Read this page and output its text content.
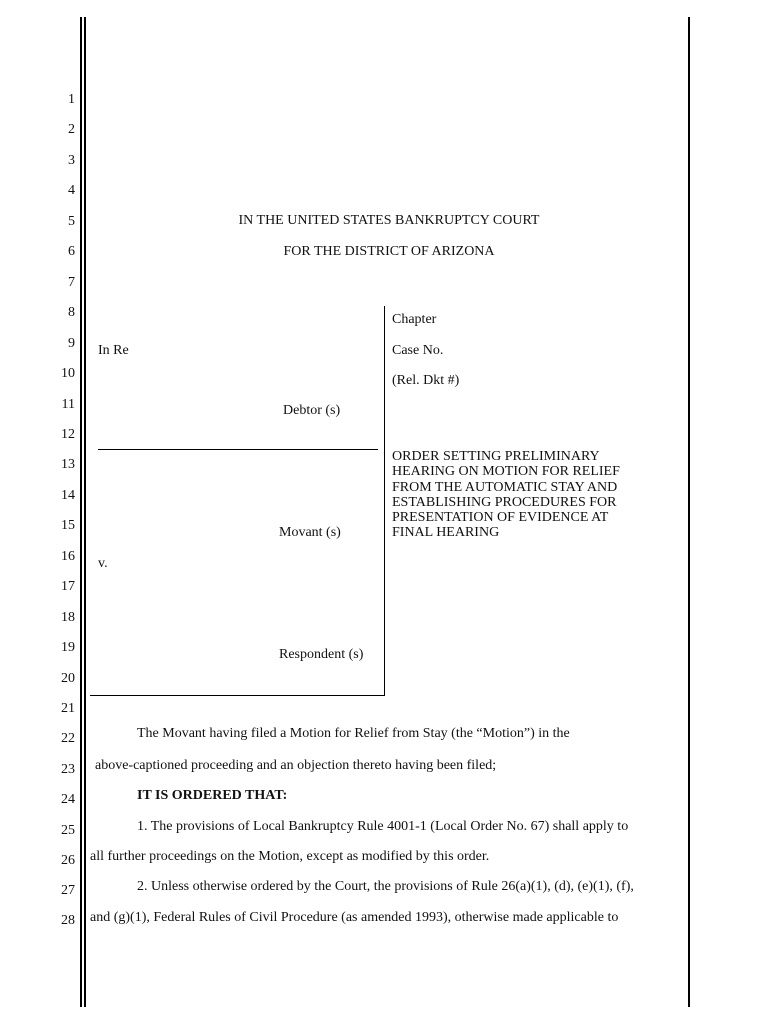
1
2
3
4
5
6
7
8
9
10
11
12
13
14
15
16
17
18
19
20
21
22
23
24
25
26
27
28
IN THE UNITED STATES BANKRUPTCY COURT
FOR THE DISTRICT OF ARIZONA
In Re
Debtor (s)
Movant (s)
v.
Respondent (s)
Chapter
Case No.
(Rel. Dkt #)
ORDER SETTING PRELIMINARY HEARING ON MOTION FOR RELIEF FROM THE AUTOMATIC STAY AND ESTABLISHING PROCEDURES FOR PRESENTATION OF EVIDENCE AT FINAL HEARING
The Movant having filed a Motion for Relief from Stay (the “Motion”) in the
above-captioned proceeding and an objection thereto having been filed;
IT IS ORDERED THAT:
1. The provisions of Local Bankruptcy Rule 4001-1 (Local Order No. 67) shall apply to
all further proceedings on the Motion, except as modified by this order.
2. Unless otherwise ordered by the Court, the provisions of Rule 26(a)(1), (d), (e)(1), (f),
and (g)(1), Federal Rules of Civil Procedure (as amended 1993), otherwise made applicable to
